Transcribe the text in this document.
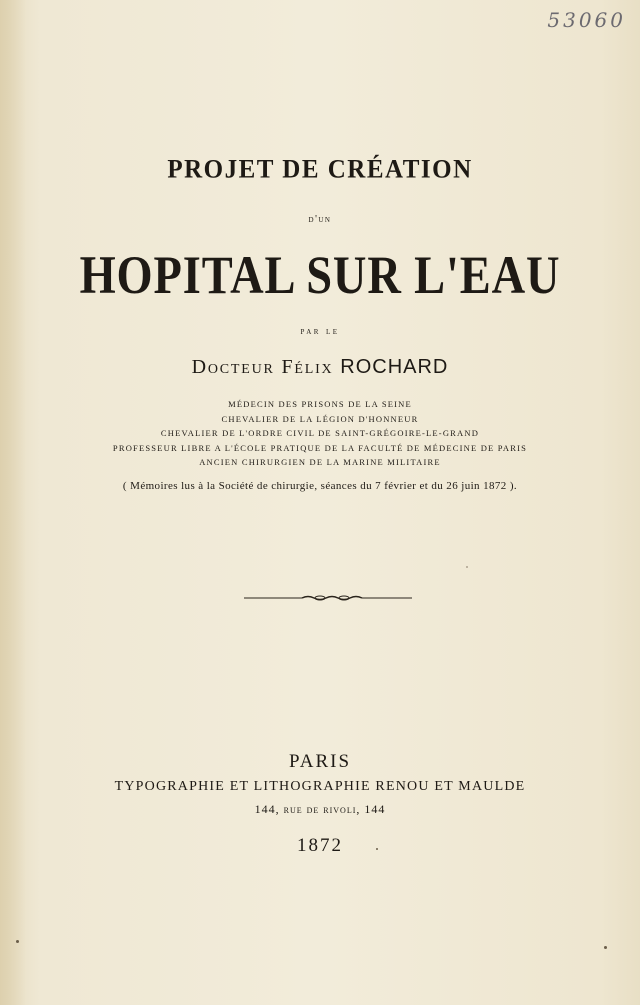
53060
PROJET DE CRÉATION
d'un
HOPITAL SUR L'EAU
par le
Docteur Félix ROCHARD
MÉDECIN DES PRISONS DE LA SEINE
CHEVALIER DE LA LÉGION D'HONNEUR
CHEVALIER DE L'ORDRE CIVIL DE SAINT-GRÉGOIRE-LE-GRAND
PROFESSEUR LIBRE A L'ÉCOLE PRATIQUE DE LA FACULTÉ DE MÉDECINE DE PARIS
ANCIEN CHIRURGIEN DE LA MARINE MILITAIRE
( Mémoires lus à la Société de chirurgie, séances du 7 février et du 26 juin 1872 ).
PARIS
TYPOGRAPHIE ET LITHOGRAPHIE RENOU ET MAULDE
144, rue de rivoli, 144
1872
